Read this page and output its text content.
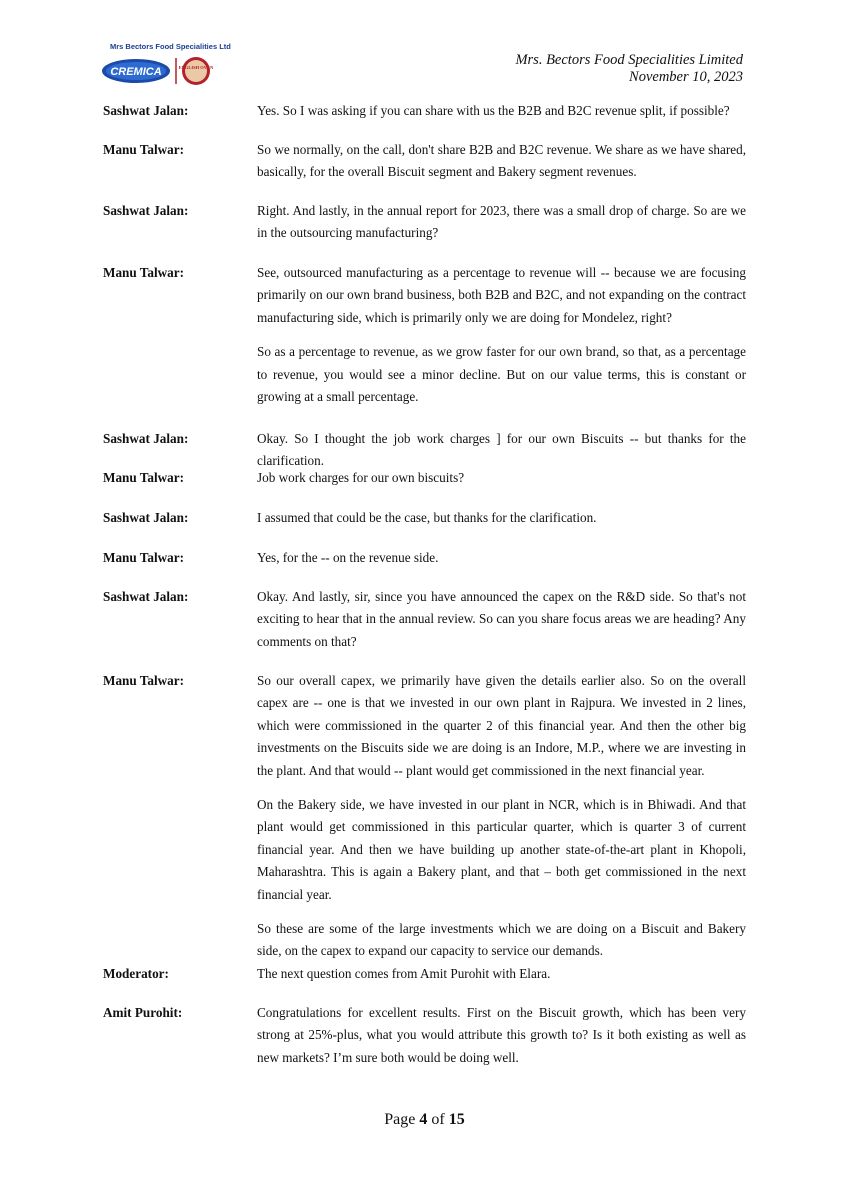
Mrs Bectors Food Specialities Ltd
CREMICA	ENGLISH OVEN	Mrs. Bectors Food Specialities Limited
November 10, 2023
Sashwat Jalan:	Yes. So I was asking if you can share with us the B2B and B2C revenue split, if possible?
Manu Talwar:	So we normally, on the call, don't share B2B and B2C revenue. We share as we have shared, basically, for the overall Biscuit segment and Bakery segment revenues.
Sashwat Jalan:	Right. And lastly, in the annual report for 2023, there was a small drop of charge. So are we in the outsourcing manufacturing?
Manu Talwar:	See, outsourced manufacturing as a percentage to revenue will -- because we are focusing primarily on our own brand business, both B2B and B2C, and not expanding on the contract manufacturing side, which is primarily only we are doing for Mondelez, right?
So as a percentage to revenue, as we grow faster for our own brand, so that, as a percentage to revenue, you would see a minor decline. But on our value terms, this is constant or growing at a small percentage.
Sashwat Jalan:	Okay. So I thought the job work charges ] for our own Biscuits -- but thanks for the clarification.
Manu Talwar:	Job work charges for our own biscuits?
Sashwat Jalan:	I assumed that could be the case, but thanks for the clarification.
Manu Talwar:	Yes, for the -- on the revenue side.
Sashwat Jalan:	Okay. And lastly, sir, since you have announced the capex on the R&D side. So that's not exciting to hear that in the annual review. So can you share focus areas we are heading? Any comments on that?
Manu Talwar:	So our overall capex, we primarily have given the details earlier also. So on the overall capex are -- one is that we invested in our own plant in Rajpura. We invested in 2 lines, which were commissioned in the quarter 2 of this financial year. And then the other big investments on the Biscuits side we are doing is an Indore, M.P., where we are investing in the plant. And that would -- plant would get commissioned in the next financial year.
On the Bakery side, we have invested in our plant in NCR, which is in Bhiwadi. And that plant would get commissioned in this particular quarter, which is quarter 3 of current financial year. And then we have building up another state-of-the-art plant in Khopoli, Maharashtra. This is again a Bakery plant, and that – both get commissioned in the next financial year.
So these are some of the large investments which we are doing on a Biscuit and Bakery side, on the capex to expand our capacity to service our demands.
Moderator:	The next question comes from Amit Purohit with Elara.
Amit Purohit:	Congratulations for excellent results. First on the Biscuit growth, which has been very strong at 25%-plus, what you would attribute this growth to? Is it both existing as well as new markets? I’m sure both would be doing well.
Page 4 of 15
